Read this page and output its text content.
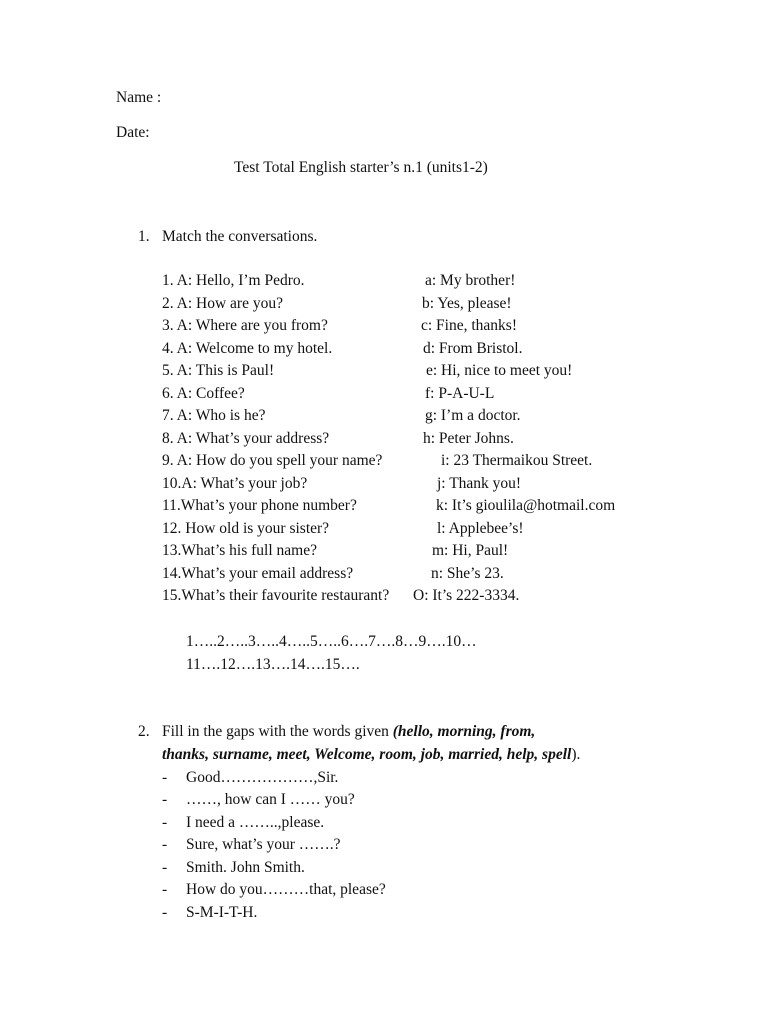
Name :
Date:
Test Total English starter’s n.1 (units1-2)
1. Match the conversations.
1. A: Hello, I’m Pedro.
2. A: How are you?
3. A: Where are you from?
4. A: Welcome to my hotel.
5. A: This is Paul!
6. A: Coffee?
7. A: Who is he?
8. A: What’s your address?
9. A: How do you spell your name?
10.A: What’s your job?
11.What’s your phone number?
12. How old is your sister?
13.What’s his full name?
14.What’s your email address?
15.What’s their favourite restaurant?
a: My brother!
b: Yes, please!
c: Fine, thanks!
d: From Bristol.
e: Hi, nice to meet you!
f: P-A-U-L
g: I’m a doctor.
h: Peter Johns.
i: 23 Thermaikou Street.
j: Thank you!
k: It’s gioulila@hotmail.com
l: Applebee’s!
m: Hi, Paul!
n: She’s 23.
O: It’s 222-3334.
1…..2…..3…..4…..5…..6….7….8…9….10…
11….12….13….14….15….
2. Fill in the gaps with the words given (hello, morning, from,
thanks, surname, meet, Welcome, room, job, married, help, spell).
- Good………………,Sir.
- ……, how can I …… you?
- I need a ……..,please.
- Sure, what’s your …….?
- Smith. John Smith.
- How do you………that, please?
- S-M-I-T-H.
